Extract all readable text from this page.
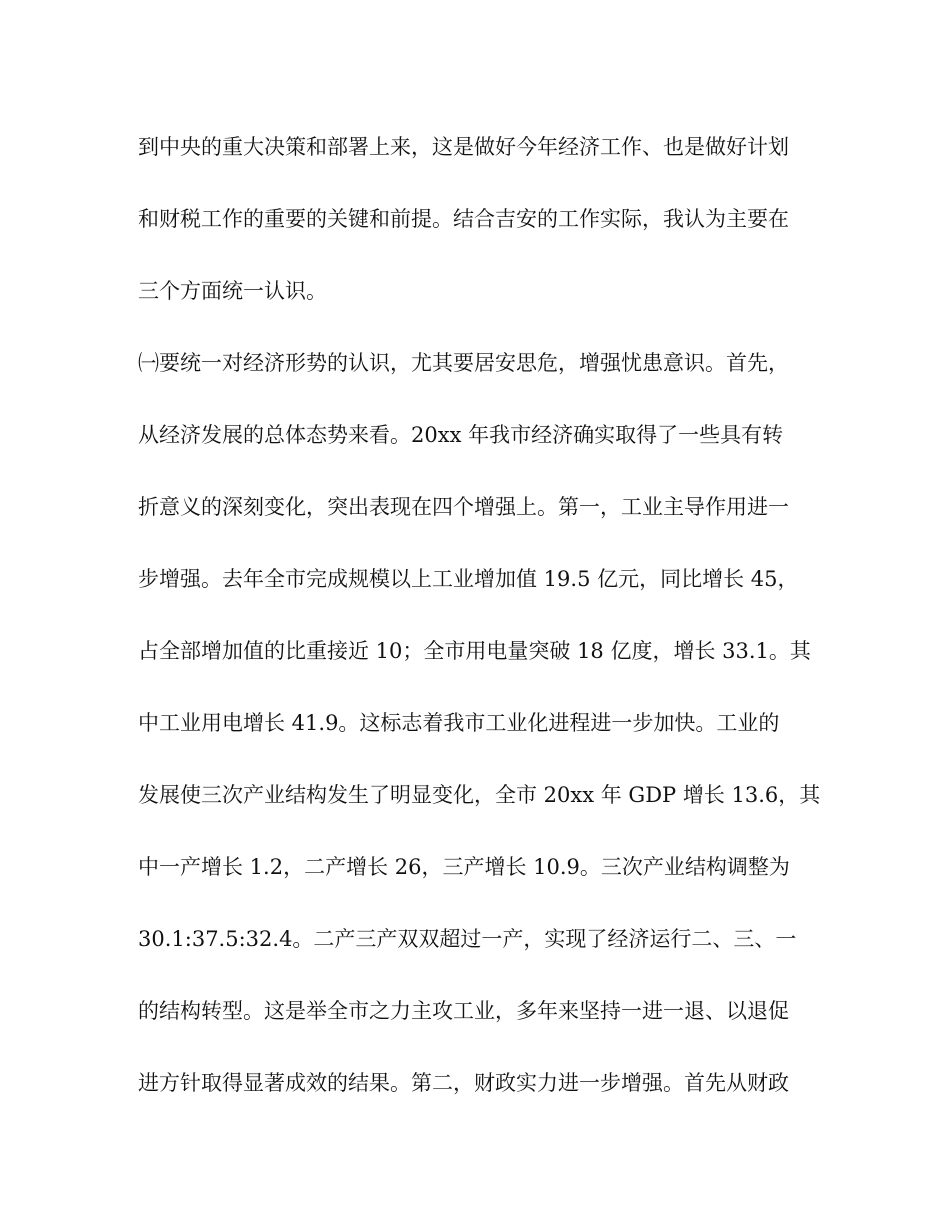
到中央的重大决策和部署上来，这是做好今年经济工作、也是做好计划
和财税工作的重要的关键和前提。结合吉安的工作实际，我认为主要在
三个方面统一认识。
㈠要统一对经济形势的认识，尤其要居安思危，增强忧患意识。首先，
从经济发展的总体态势来看。20xx 年我市经济确实取得了一些具有转
折意义的深刻变化，突出表现在四个增强上。第一，工业主导作用进一
步增强。去年全市完成规模以上工业增加值 19.5 亿元，同比增长 45，
占全部增加值的比重接近 10；全市用电量突破 18 亿度，增长 33.1。其
中工业用电增长 41.9。这标志着我市工业化进程进一步加快。工业的
发展使三次产业结构发生了明显变化，全市 20xx 年 GDP 增长 13.6，其
中一产增长 1.2，二产增长 26，三产增长 10.9。三次产业结构调整为
30.1:37.5:32.4。二产三产双双超过一产，实现了经济运行二、三、一
的结构转型。这是举全市之力主攻工业，多年来坚持一进一退、以退促
进方针取得显著成效的结果。第二，财政实力进一步增强。首先从财政
